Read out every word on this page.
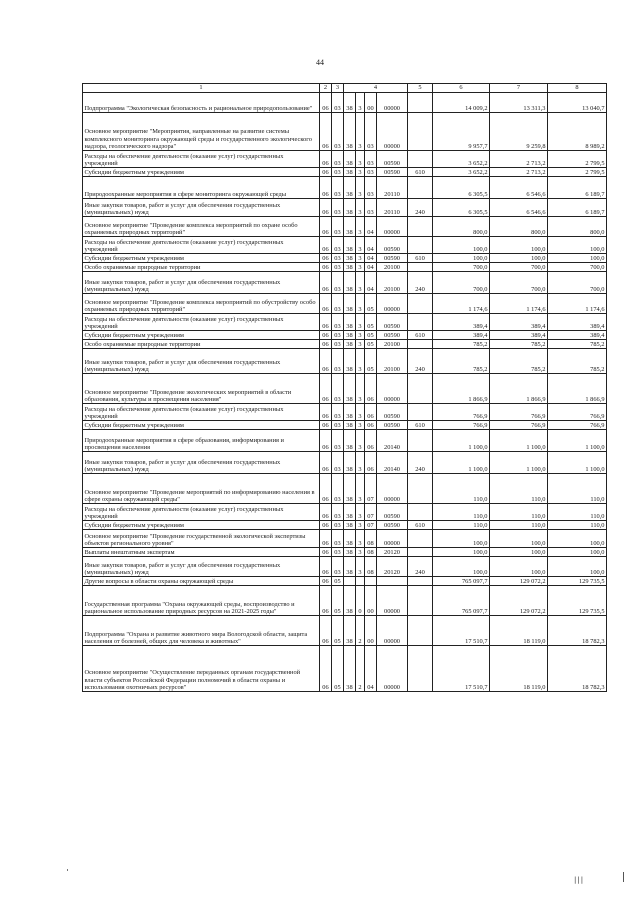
44
1	2	3	4				5	6	7	8
Подпрограмма "Экологическая безопасность и рациональное природопользование"	06	03	38	3	00	00000		14 009,2	13 311,3	13 040,7
Основное мероприятие "Мероприятия, направленные на развитие системы комплексного мониторинга окружающей среды и государственного экологического надзора, геологического надзора"	06	03	38	3	03	00000		9 957,7	9 259,8	8 989,2
Расходы на обеспечение деятельности (оказание услуг) государственных учреждений	06	03	38	3	03	00590		3 652,2	2 713,2	2 799,5
Субсидии бюджетным учреждениям	06	03	38	3	03	00590	610	3 652,2	2 713,2	2 799,5
Природоохранные мероприятия в сфере мониторинга окружающей среды	06	03	38	3	03	20110		6 305,5	6 546,6	6 189,7
Иные закупки товаров, работ и услуг для обеспечения государственных (муниципальных) нужд	06	03	38	3	03	20110	240	6 305,5	6 546,6	6 189,7
Основное мероприятие "Проведение комплекса мероприятий по охране особо охраняемых природных территорий"	06	03	38	3	04	00000		800,0	800,0	800,0
Расходы на обеспечение деятельности (оказание услуг) государственных учреждений	06	03	38	3	04	00590		100,0	100,0	100,0
Субсидии бюджетным учреждениям	06	03	38	3	04	00590	610	100,0	100,0	100,0
Особо охраняемые природные территории	06	03	38	3	04	20100		700,0	700,0	700,0
Иные закупки товаров, работ и услуг для обеспечения государственных (муниципальных) нужд	06	03	38	3	04	20100	240	700,0	700,0	700,0
Основное мероприятие "Проведение комплекса мероприятий по обустройству особо охраняемых природных территорий"	06	03	38	3	05	00000		1 174,6	1 174,6	1 174,6
Расходы на обеспечение деятельности (оказание услуг) государственных учреждений	06	03	38	3	05	00590		389,4	389,4	389,4
Субсидии бюджетным учреждениям	06	03	38	3	05	00590	610	389,4	389,4	389,4
Особо охраняемые природные территории	06	03	38	3	05	20100		785,2	785,2	785,2
Иные закупки товаров, работ и услуг для обеспечения государственных (муниципальных) нужд	06	03	38	3	05	20100	240	785,2	785,2	785,2
Основное мероприятие "Проведение экологических мероприятий в области образования, культуры и просвещения населения"	06	03	38	3	06	00000		1 866,9	1 866,9	1 866,9
Расходы на обеспечение деятельности (оказание услуг) государственных учреждений	06	03	38	3	06	00590		766,9	766,9	766,9
Субсидии бюджетным учреждениям	06	03	38	3	06	00590	610	766,9	766,9	766,9
Природоохранные мероприятия в сфере образования, информирования и просвещения населения	06	03	38	3	06	20140		1 100,0	1 100,0	1 100,0
Иные закупки товаров, работ и услуг для обеспечения государственных (муниципальных) нужд	06	03	38	3	06	20140	240	1 100,0	1 100,0	1 100,0
Основное мероприятие "Проведение мероприятий по информированию населения в сфере охраны окружающей среды"	06	03	38	3	07	00000		110,0	110,0	110,0
Расходы на обеспечение деятельности (оказание услуг) государственных учреждений	06	03	38	3	07	00590		110,0	110,0	110,0
Субсидии бюджетным учреждениям	06	03	38	3	07	00590	610	110,0	110,0	110,0
Основное мероприятие "Проведение государственной экологической экспертизы объектов регионального уровня"	06	03	38	3	08	00000		100,0	100,0	100,0
Выплаты внештатным экспертам	06	03	38	3	08	20120		100,0	100,0	100,0
Иные закупки товаров, работ и услуг для обеспечения государственных (муниципальных) нужд	06	03	38	3	08	20120	240	100,0	100,0	100,0
Другие вопросы в области охраны окружающей среды	06	05						765 097,7	129 072,2	129 735,5
Государственная программа "Охрана окружающей среды, воспроизводство и рациональное использование природных ресурсов на 2021-2025 годы"	06	05	38	0	00	00000		765 097,7	129 072,2	129 735,5
Подпрограмма "Охрана и развитие животного мира Вологодской области, защита населения от болезней, общих для человека и животных"	06	05	38	2	00	00000		17 510,7	18 119,0	18 782,3
Основное мероприятие "Осуществление переданных органам государственной власти субъектов Российской Федерации полномочий в области охраны и использования охотничьих ресурсов"	06	05	38	2	04	00000		17 510,7	18 119,0	18 782,3
|||
